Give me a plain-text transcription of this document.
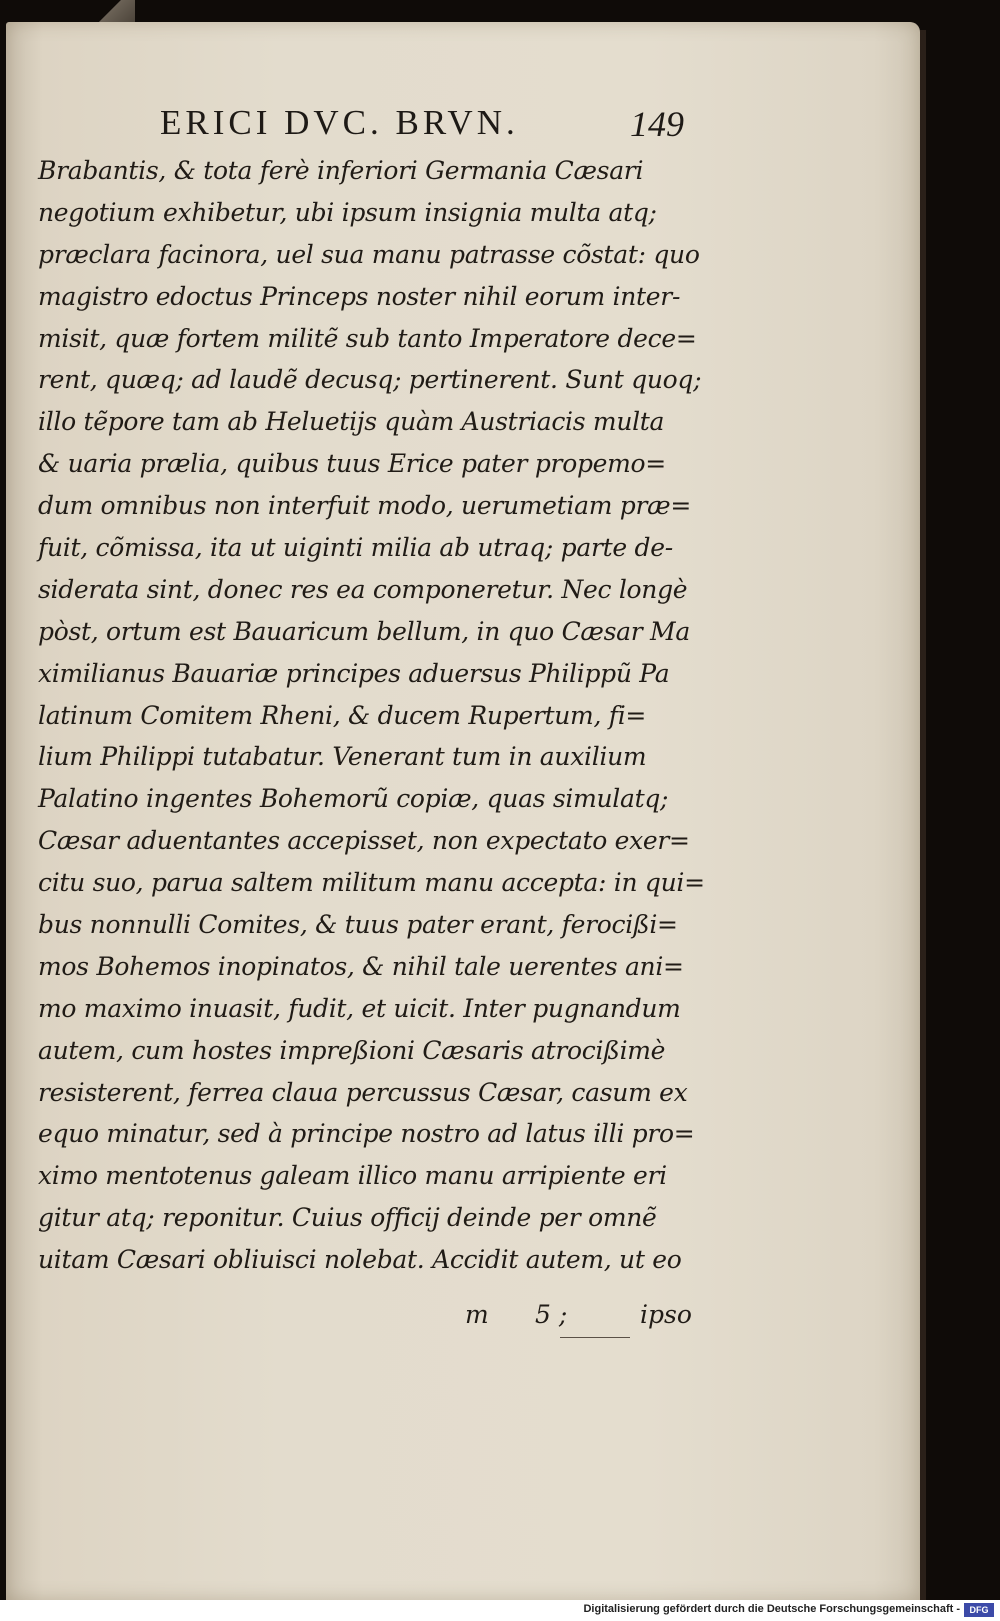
ERICI DVC. BRVN.	149
Brabantis, & tota ferè inferiori Germania Cæsari
negotium exhibetur, ubi ipsum insignia multa atq;
præclara facinora, uel sua manu patrasse cõstat: quo
magistro edoctus Princeps noster nihil eorum inter-
misit, quæ fortem militẽ sub tanto Imperatore dece=
rent, quæq; ad laudẽ decusq; pertinerent. Sunt quoq;
illo tẽpore tam ab Heluetijs quàm Austriacis multa
& uaria prælia, quibus tuus Erice pater propemo=
dum omnibus non interfuit modo, uerumetiam præ=
fuit, cõmissa, ita ut uiginti milia ab utraq; parte de-
siderata sint, donec res ea componeretur. Nec longè
pòst, ortum est Bauaricum bellum, in quo Cæsar Ma
ximilianus Bauariæ principes aduersus Philippũ Pa
latinum Comitem Rheni, & ducem Rupertum, fi=
lium Philippi tutabatur. Venerant tum in auxilium
Palatino ingentes Bohemorũ copiæ, quas simulatq;
Cæsar aduentantes accepisset, non expectato exer=
citu suo, parua saltem militum manu accepta: in qui=
bus nonnulli Comites, & tuus pater erant, ferocißi=
mos Bohemos inopinatos, & nihil tale uerentes ani=
mo maximo inuasit, fudit, et uicit. Inter pugnandum
autem, cum hostes impreßioni Cæsaris atrocißimè
resisterent, ferrea claua percussus Cæsar, casum ex
equo minatur, sed à principe nostro ad latus illi pro=
ximo mentotenus galeam illico manu arripiente eri
gitur atq; reponitur. Cuius officij deinde per omnẽ
uitam Cæsari obliuisci nolebat. Accidit autem, ut eo
m 5 ;	ipso
Digitalisierung gefördert durch die Deutsche Forschungsgemeinschaft -	DFG
